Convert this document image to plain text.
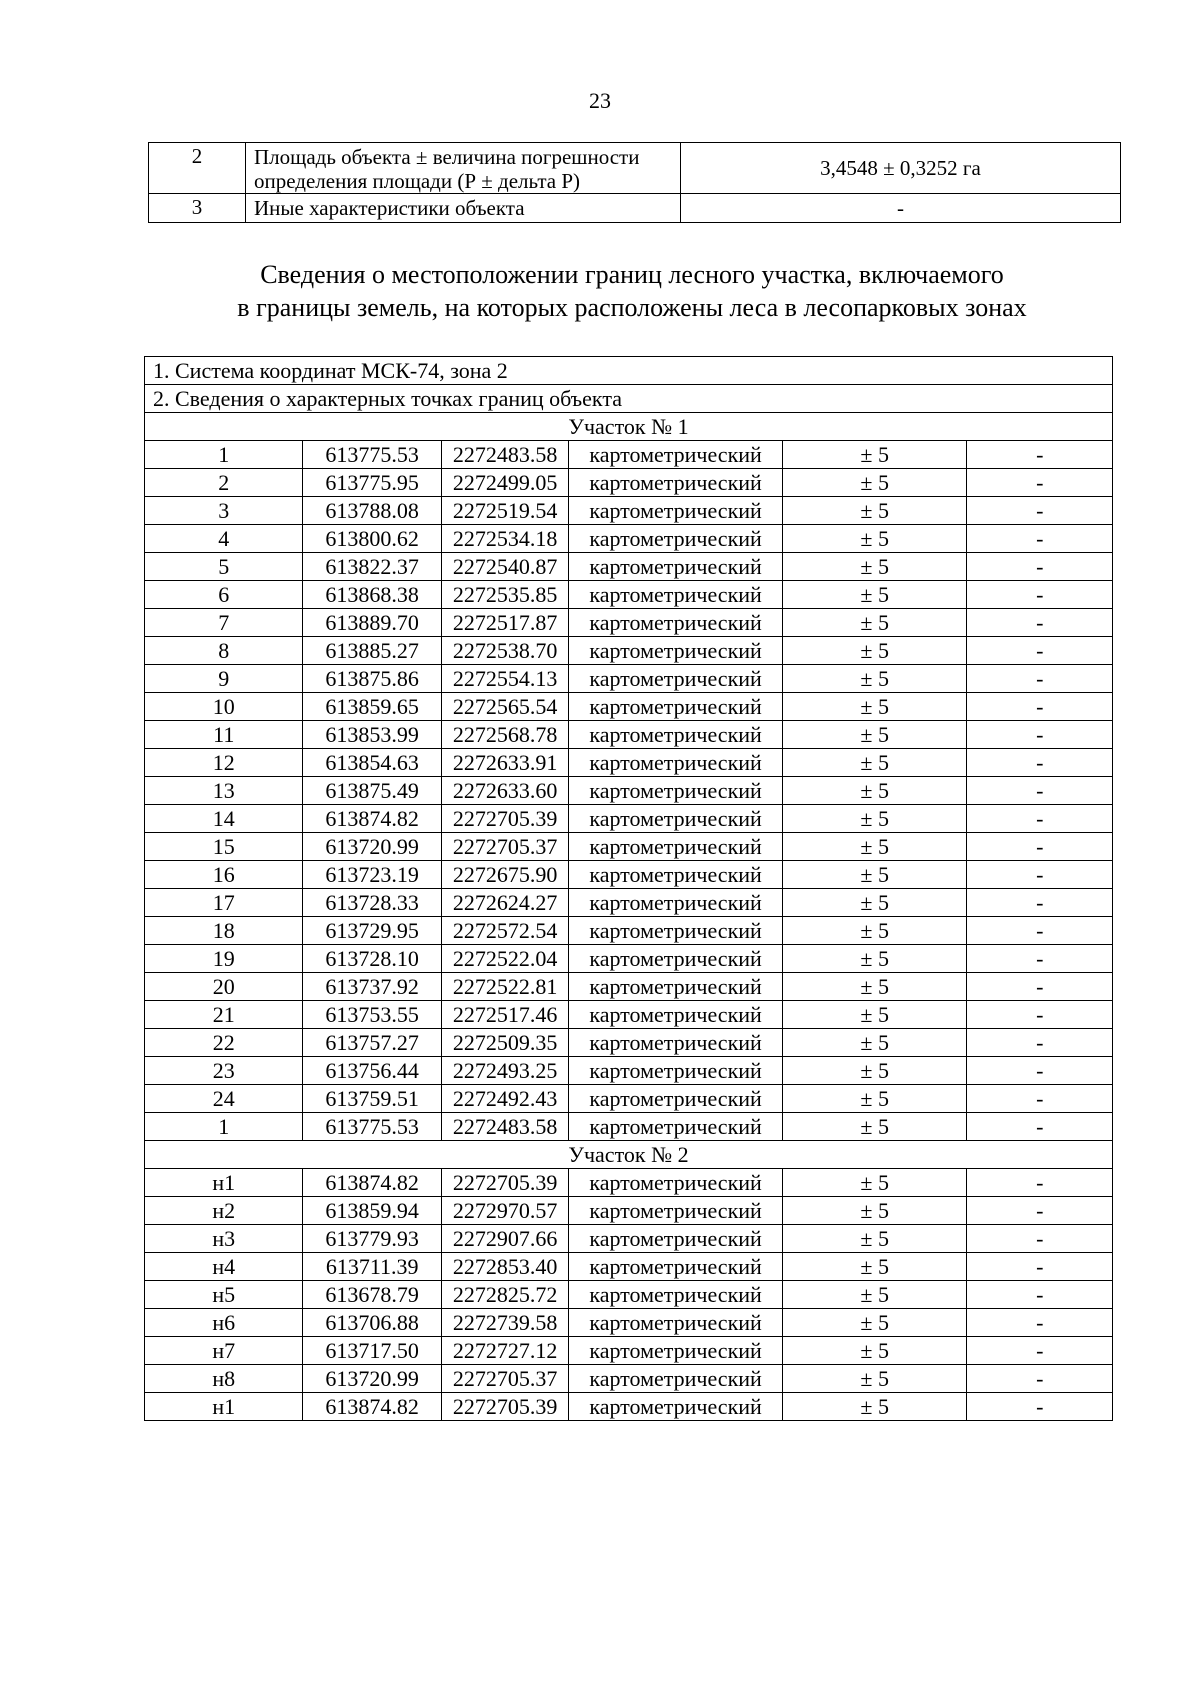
23
2	Площадь объекта ± величина погрешности определения площади (Р ± дельта Р)	3,4548 ± 0,3252 га
3	Иные характеристики объекта	-
Сведения о местоположении границ лесного участка, включаемого
в границы земель, на которых расположены леса в лесопарковых зонах
1. Система координат МСК-74, зона 2					
2. Сведения о характерных точках границ объекта					
Участок № 1					
1	613775.53	2272483.58	картометрический	± 5	-
2	613775.95	2272499.05	картометрический	± 5	-
3	613788.08	2272519.54	картометрический	± 5	-
4	613800.62	2272534.18	картометрический	± 5	-
5	613822.37	2272540.87	картометрический	± 5	-
6	613868.38	2272535.85	картометрический	± 5	-
7	613889.70	2272517.87	картометрический	± 5	-
8	613885.27	2272538.70	картометрический	± 5	-
9	613875.86	2272554.13	картометрический	± 5	-
10	613859.65	2272565.54	картометрический	± 5	-
11	613853.99	2272568.78	картометрический	± 5	-
12	613854.63	2272633.91	картометрический	± 5	-
13	613875.49	2272633.60	картометрический	± 5	-
14	613874.82	2272705.39	картометрический	± 5	-
15	613720.99	2272705.37	картометрический	± 5	-
16	613723.19	2272675.90	картометрический	± 5	-
17	613728.33	2272624.27	картометрический	± 5	-
18	613729.95	2272572.54	картометрический	± 5	-
19	613728.10	2272522.04	картометрический	± 5	-
20	613737.92	2272522.81	картометрический	± 5	-
21	613753.55	2272517.46	картометрический	± 5	-
22	613757.27	2272509.35	картометрический	± 5	-
23	613756.44	2272493.25	картометрический	± 5	-
24	613759.51	2272492.43	картометрический	± 5	-
1	613775.53	2272483.58	картометрический	± 5	-
Участок № 2					
н1	613874.82	2272705.39	картометрический	± 5	-
н2	613859.94	2272970.57	картометрический	± 5	-
н3	613779.93	2272907.66	картометрический	± 5	-
н4	613711.39	2272853.40	картометрический	± 5	-
н5	613678.79	2272825.72	картометрический	± 5	-
н6	613706.88	2272739.58	картометрический	± 5	-
н7	613717.50	2272727.12	картометрический	± 5	-
н8	613720.99	2272705.37	картометрический	± 5	-
н1	613874.82	2272705.39	картометрический	± 5	-
